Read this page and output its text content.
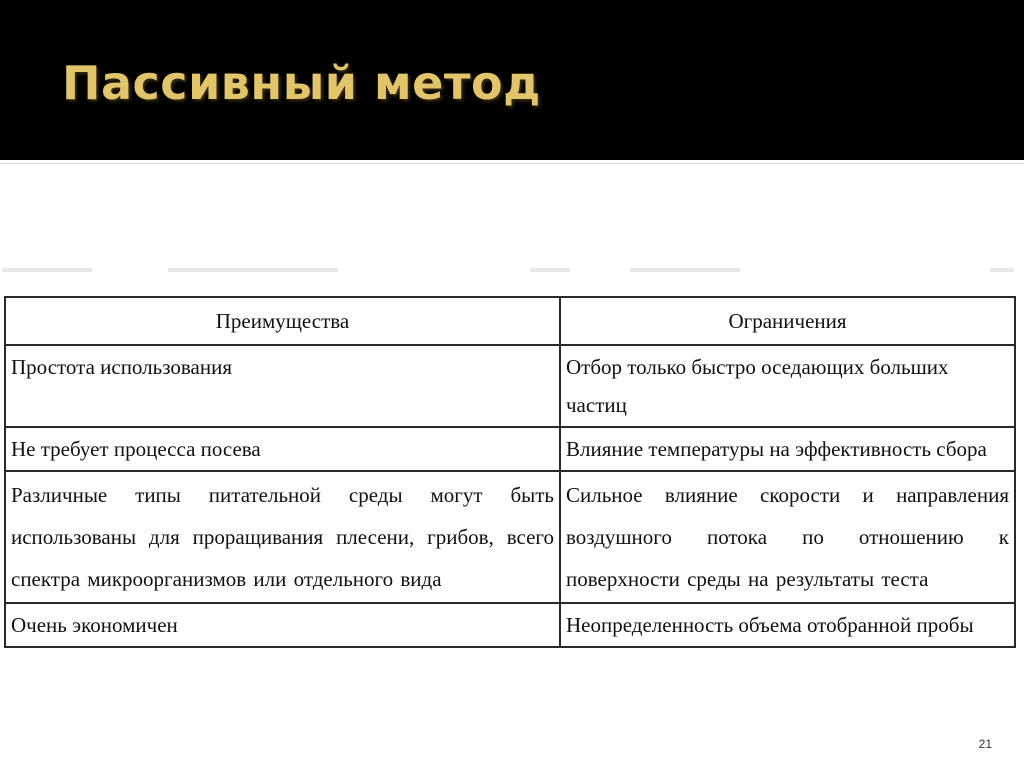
Пассивный метод
Преимущества	Ограничения
Простота использования	Отбор только быстро оседающих больших частиц
Не требует процесса посева	Влияние температуры на эффективность сбора
Различные типы питательной среды могут быть использованы для проращивания плесени, грибов, всего спектра микроорганизмов или отдельного вида	Сильное влияние скорости и направления воздушного потока по отношению к поверхности среды на результаты теста
Очень экономичен	Неопределенность объема отобранной пробы
21
